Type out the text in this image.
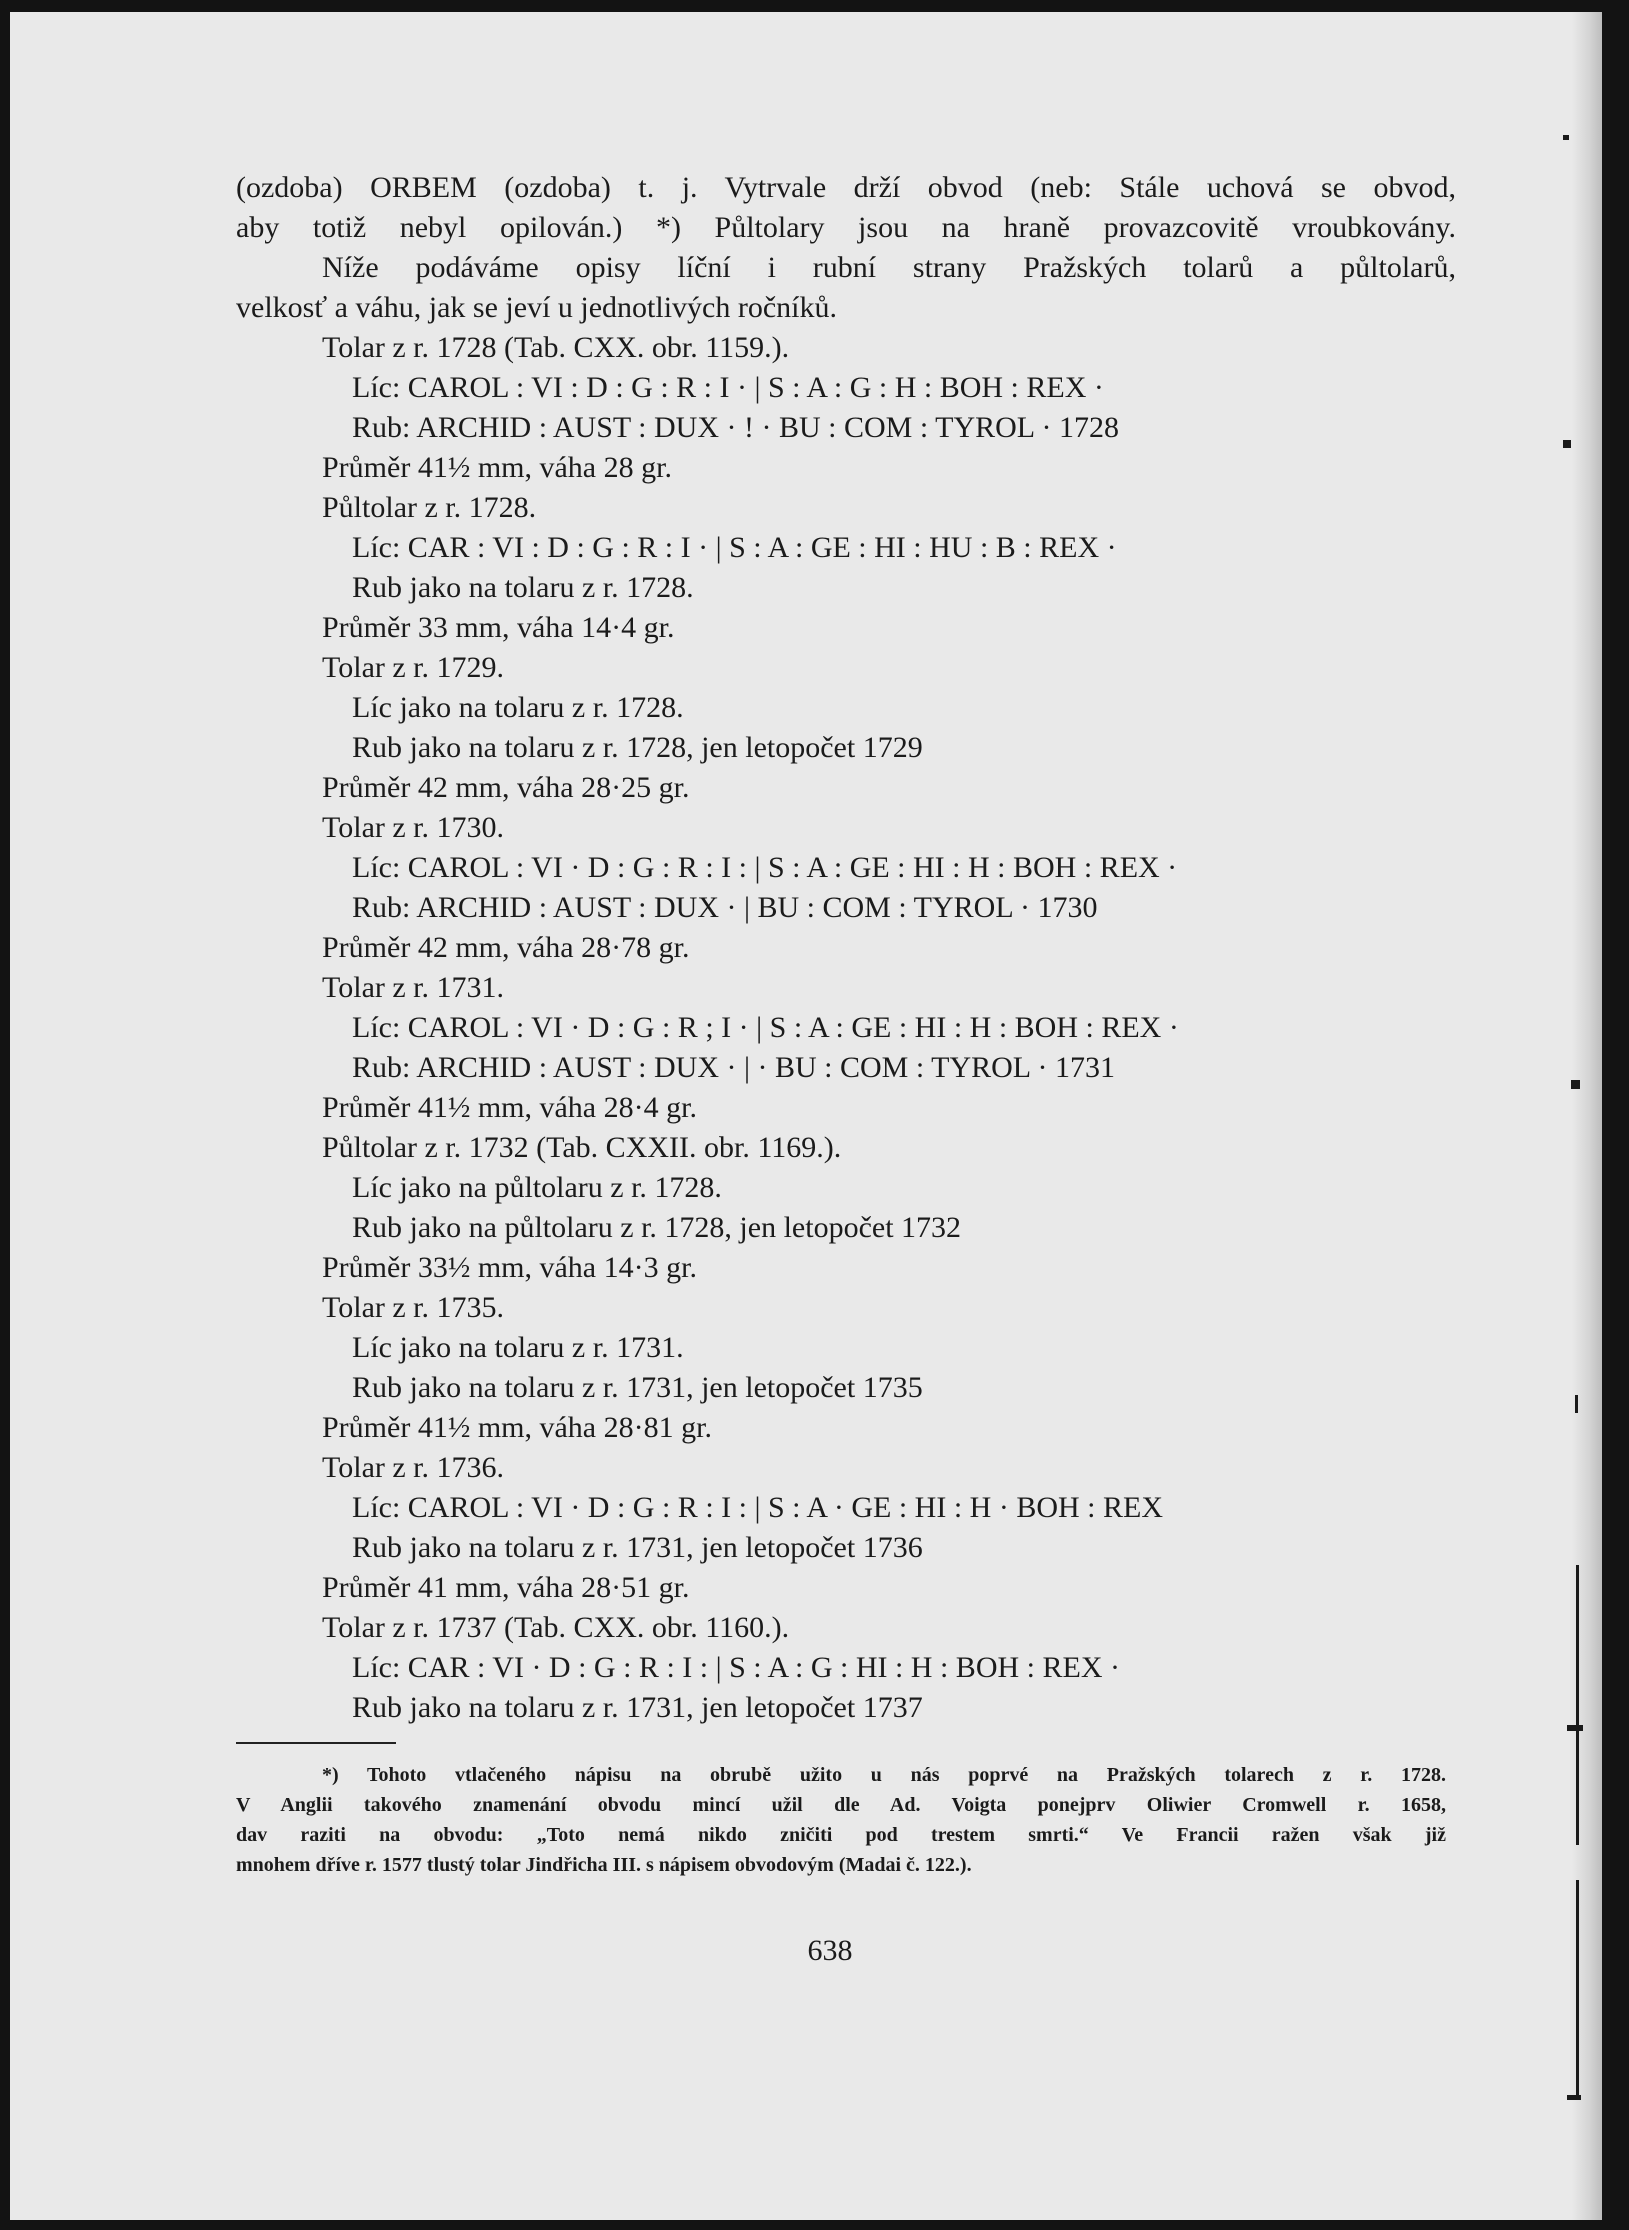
(ozdoba) ORBEM (ozdoba) t. j. Vytrvale drží obvod (neb: Stále uchová se obvod,
aby totiž nebyl opilován.) *) Půltolary jsou na hraně provazcovitě vroubkovány.
Níže podáváme opisy líční i rubní strany Pražských tolarů a půltolarů,
velkosť a váhu, jak se jeví u jednotlivých ročníků.
Tolar z r. 1728 (Tab. CXX. obr. 1159.).
Líc: CAROL : VI : D : G : R : I · | S : A : G : H : BOH : REX ·
Rub: ARCHID : AUST : DUX · ! · BU : COM : TYROL · 1728
Průměr 41½ mm, váha 28 gr.
Půltolar z r. 1728.
Líc: CAR : VI : D : G : R : I · | S : A : GE : HI : HU : B : REX ·
Rub jako na tolaru z r. 1728.
Průměr 33 mm, váha 14·4 gr.
Tolar z r. 1729.
Líc jako na tolaru z r. 1728.
Rub jako na tolaru z r. 1728, jen letopočet 1729
Průměr 42 mm, váha 28·25 gr.
Tolar z r. 1730.
Líc: CAROL : VI · D : G : R : I : | S : A : GE : HI : H : BOH : REX ·
Rub: ARCHID : AUST : DUX · | BU : COM : TYROL · 1730
Průměr 42 mm, váha 28·78 gr.
Tolar z r. 1731.
Líc: CAROL : VI · D : G : R ; I · | S : A : GE : HI : H : BOH : REX ·
Rub: ARCHID : AUST : DUX · | · BU : COM : TYROL · 1731
Průměr 41½ mm, váha 28·4 gr.
Půltolar z r. 1732 (Tab. CXXII. obr. 1169.).
Líc jako na půltolaru z r. 1728.
Rub jako na půltolaru z r. 1728, jen letopočet 1732
Průměr 33½ mm, váha 14·3 gr.
Tolar z r. 1735.
Líc jako na tolaru z r. 1731.
Rub jako na tolaru z r. 1731, jen letopočet 1735
Průměr 41½ mm, váha 28·81 gr.
Tolar z r. 1736.
Líc: CAROL : VI · D : G : R : I : | S : A · GE : HI : H · BOH : REX
Rub jako na tolaru z r. 1731, jen letopočet 1736
Průměr 41 mm, váha 28·51 gr.
Tolar z r. 1737 (Tab. CXX. obr. 1160.).
Líc: CAR : VI · D : G : R : I : | S : A : G : HI : H : BOH : REX ·
Rub jako na tolaru z r. 1731, jen letopočet 1737
*) Tohoto vtlačeného nápisu na obrubě užito u nás poprvé na Pražských tolarech z r. 1728.
V Anglii takového znamenání obvodu mincí užil dle Ad. Voigta ponejprv Oliwier Cromwell r. 1658,
dav raziti na obvodu: „Toto nemá nikdo zničiti pod trestem smrti.“ Ve Francii ražen však již
mnohem dříve r. 1577 tlustý tolar Jindřicha III. s nápisem obvodovým (Madai č. 122.).
638
